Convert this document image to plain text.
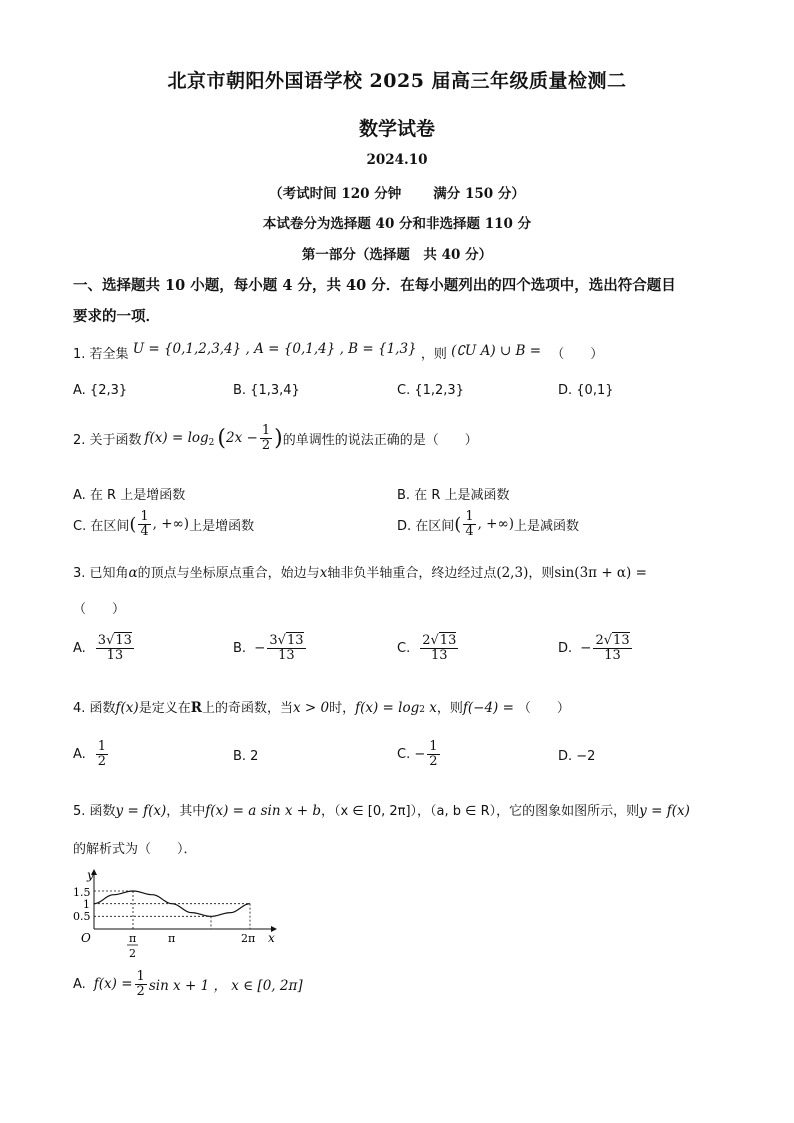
北京市朝阳外国语学校 2025 届高三年级质量检测二
数学试卷
2024.10
（考试时间 120 分钟 满分 150 分）
本试卷分为选择题 40 分和非选择题 110 分
第一部分（选择题　共 40 分）
一、选择题共 10 小题，每小题 4 分，共 40 分．在每小题列出的四个选项中，选出符合题目
要求的一项．
1. 若全集 U = {0,1,2,3,4} , A = {0,1,4} , B = {1,3} ，则 (∁U A) ∪ B = （　　）
A. {2,3}	B. {1,3,4}	C. {1,2,3}	D. {0,1}
2. 关于函数 f(x) = log 2 ( $2x - \frac{1}{2}$ ) 的单调性的说法正确的是（　　）
A. 在 R 上是增函数	B. 在 R 上是减函数
C. 在区间 ( $\frac{1}{4}$ , +∞) 上是增函数	D. 在区间 ( $\frac{1}{4}$ , +∞) 上是减函数
3. 已知角α的顶点与坐标原点重合，始边与x轴非负半轴重合，终边经过点(2,3)，则sin(3π + α) =
（　　）
A. $\frac{3√13}{13}$	B. − $\frac{3√13}{13}$	C. $\frac{2√13}{13}$	D. − $\frac{2√13}{13}$
4. 函数f(x)是定义在R上的奇函数，当x > 0时，f(x) = log2 x，则f(−4) = （　　）
A. $\frac{1}{2}$	B. 2	C. − $\frac{1}{2}$	D. −2
5. 函数y = f(x)，其中f(x) = a sin x + b，（x ∈ [0, 2π]），（a, b ∈ R），它的图象如图所示，则y = f(x)
的解析式为（　　）．
y
x
O
1.5
1
0.5
π
2
π	2π
A. $f(x) = \frac{1}{2}$ sin x + 1 ， x ∈ [0, 2π]
